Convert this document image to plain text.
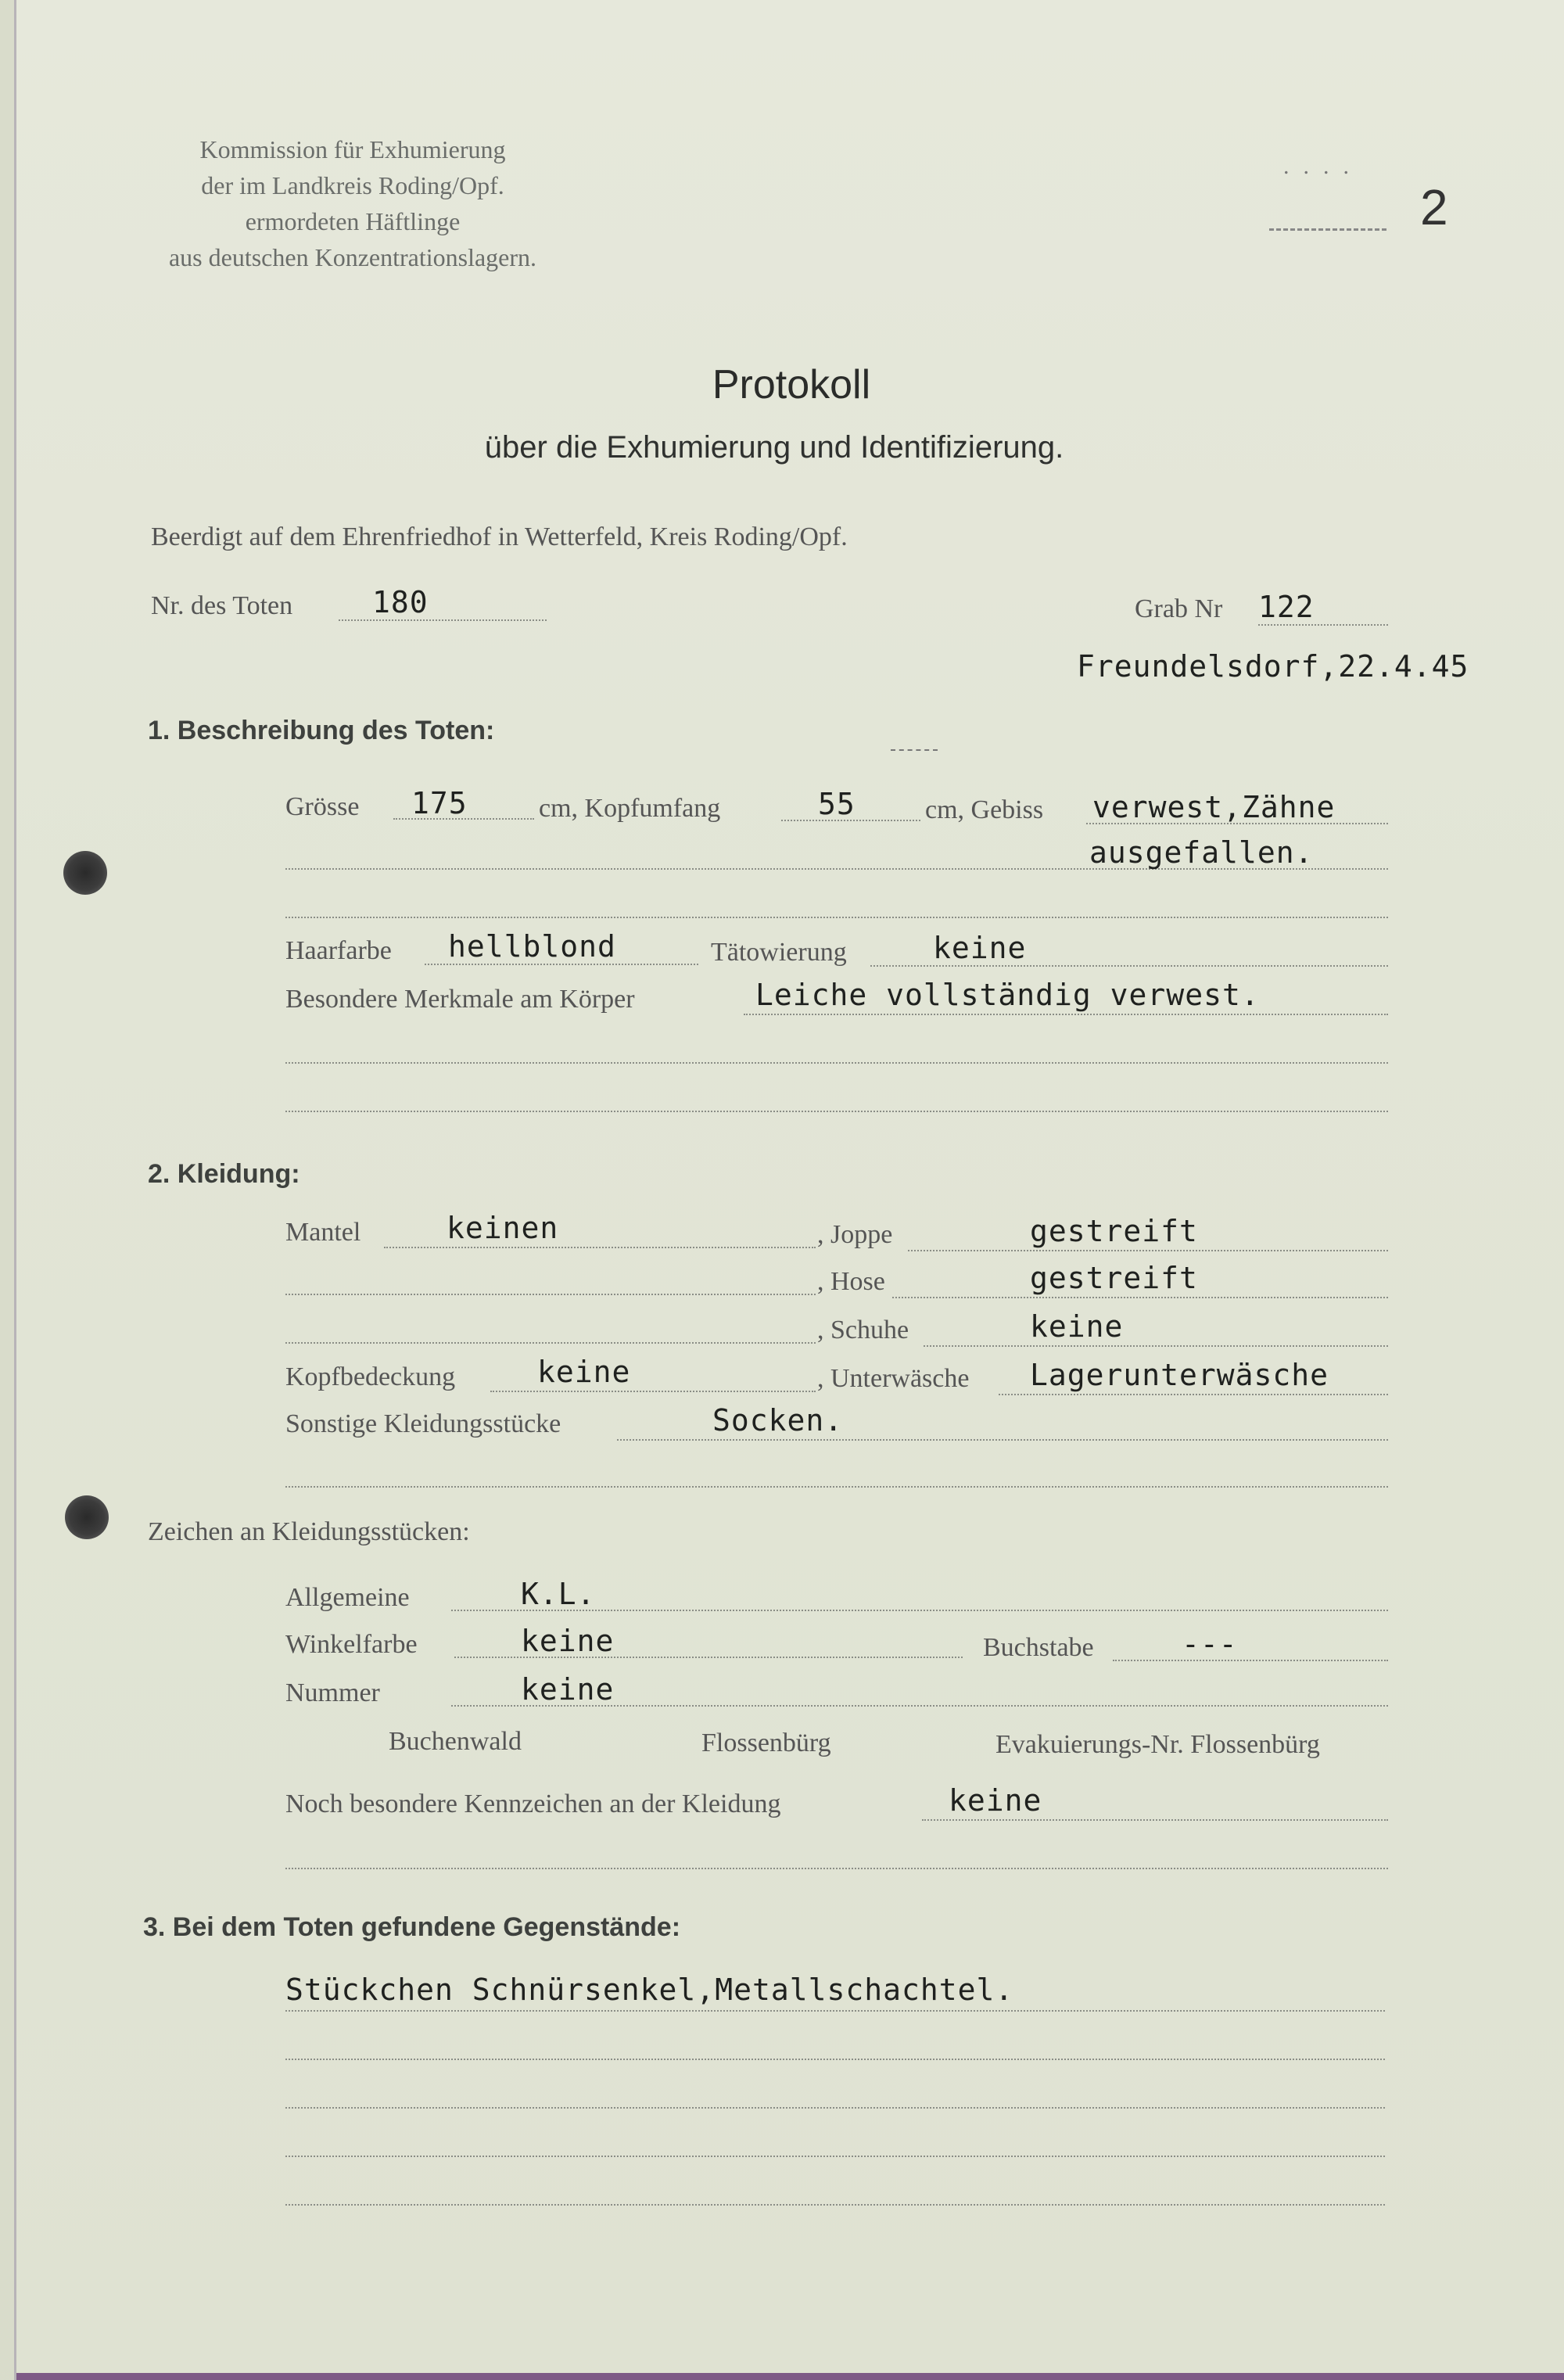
Kommission für Exhumierung
der im Landkreis Roding/Opf.
ermordeten Häftlinge
aus deutschen Konzentrationslagern.
....
2
Protokoll
über die Exhumierung und Identifizierung.
Beerdigt auf dem Ehrenfriedhof in Wetterfeld, Kreis Roding/Opf.
Nr. des Toten	180	Grab Nr 122
Freundelsdorf,22.4.45
1. Beschreibung des Toten:
Grösse 175	cm, Kopfumfang	55	cm, Gebiss verwest,Zähne
ausgefallen.
Haarfarbe hellblond	Tätowierung	keine
Besondere Merkmale am Körper	Leiche vollständig verwest.
2. Kleidung:
Mantel	keinen	, Joppe	gestreift
, Hose	gestreift
, Schuhe	keine
Kopfbedeckung	keine	, Unterwäsche Lagerunterwäsche
Sonstige Kleidungsstücke	Socken.
Zeichen an Kleidungsstücken:
Allgemeine	K.L.
Winkelfarbe	keine	Buchstabe	---
Nummer	keine
Buchenwald	Flossenbürg	Evakuierungs-Nr. Flossenbürg
Noch besondere Kennzeichen an der Kleidung	keine
3. Bei dem Toten gefundene Gegenstände:
Stückchen Schnürsenkel,Metallschachtel.
